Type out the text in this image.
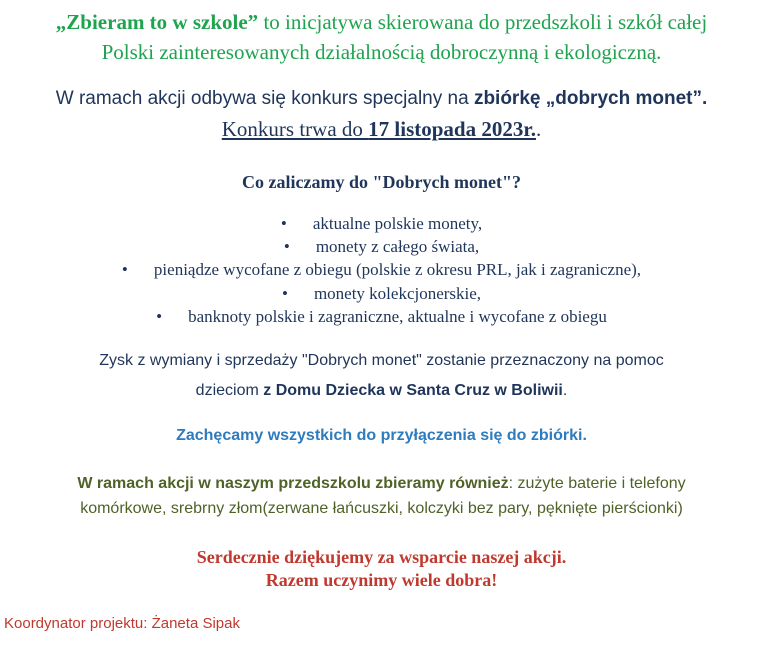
„Zbieram to w szkole” to inicjatywa skierowana do przedszkoli i szkół całej
Polski zainteresowanych działalnością dobroczynną i ekologiczną.
W ramach akcji odbywa się konkurs specjalny na zbiórkę „dobrych monet”.
Konkurs trwa do 17 listopada 2023r..
Co zaliczamy do "Dobrych monet"?
• aktualne polskie monety,
• monety z całego świata,
• pieniądze wycofane z obiegu (polskie z okresu PRL, jak i zagraniczne),
• monety kolekcjonerskie,
• banknoty polskie i zagraniczne, aktualne i wycofane z obiegu
Zysk z wymiany i sprzedaży "Dobrych monet" zostanie przeznaczony na pomoc
dzieciom z Domu Dziecka w Santa Cruz w Boliwii.
Zachęcamy wszystkich do przyłączenia się do zbiórki.
W ramach akcji w naszym przedszkolu zbieramy również: zużyte baterie i telefony
komórkowe, srebrny złom(zerwane łańcuszki, kolczyki bez pary, pęknięte pierścionki)
Serdecznie dziękujemy za wsparcie naszej akcji.
Razem uczynimy wiele dobra!
Koordynator projektu: Żaneta Sipak
